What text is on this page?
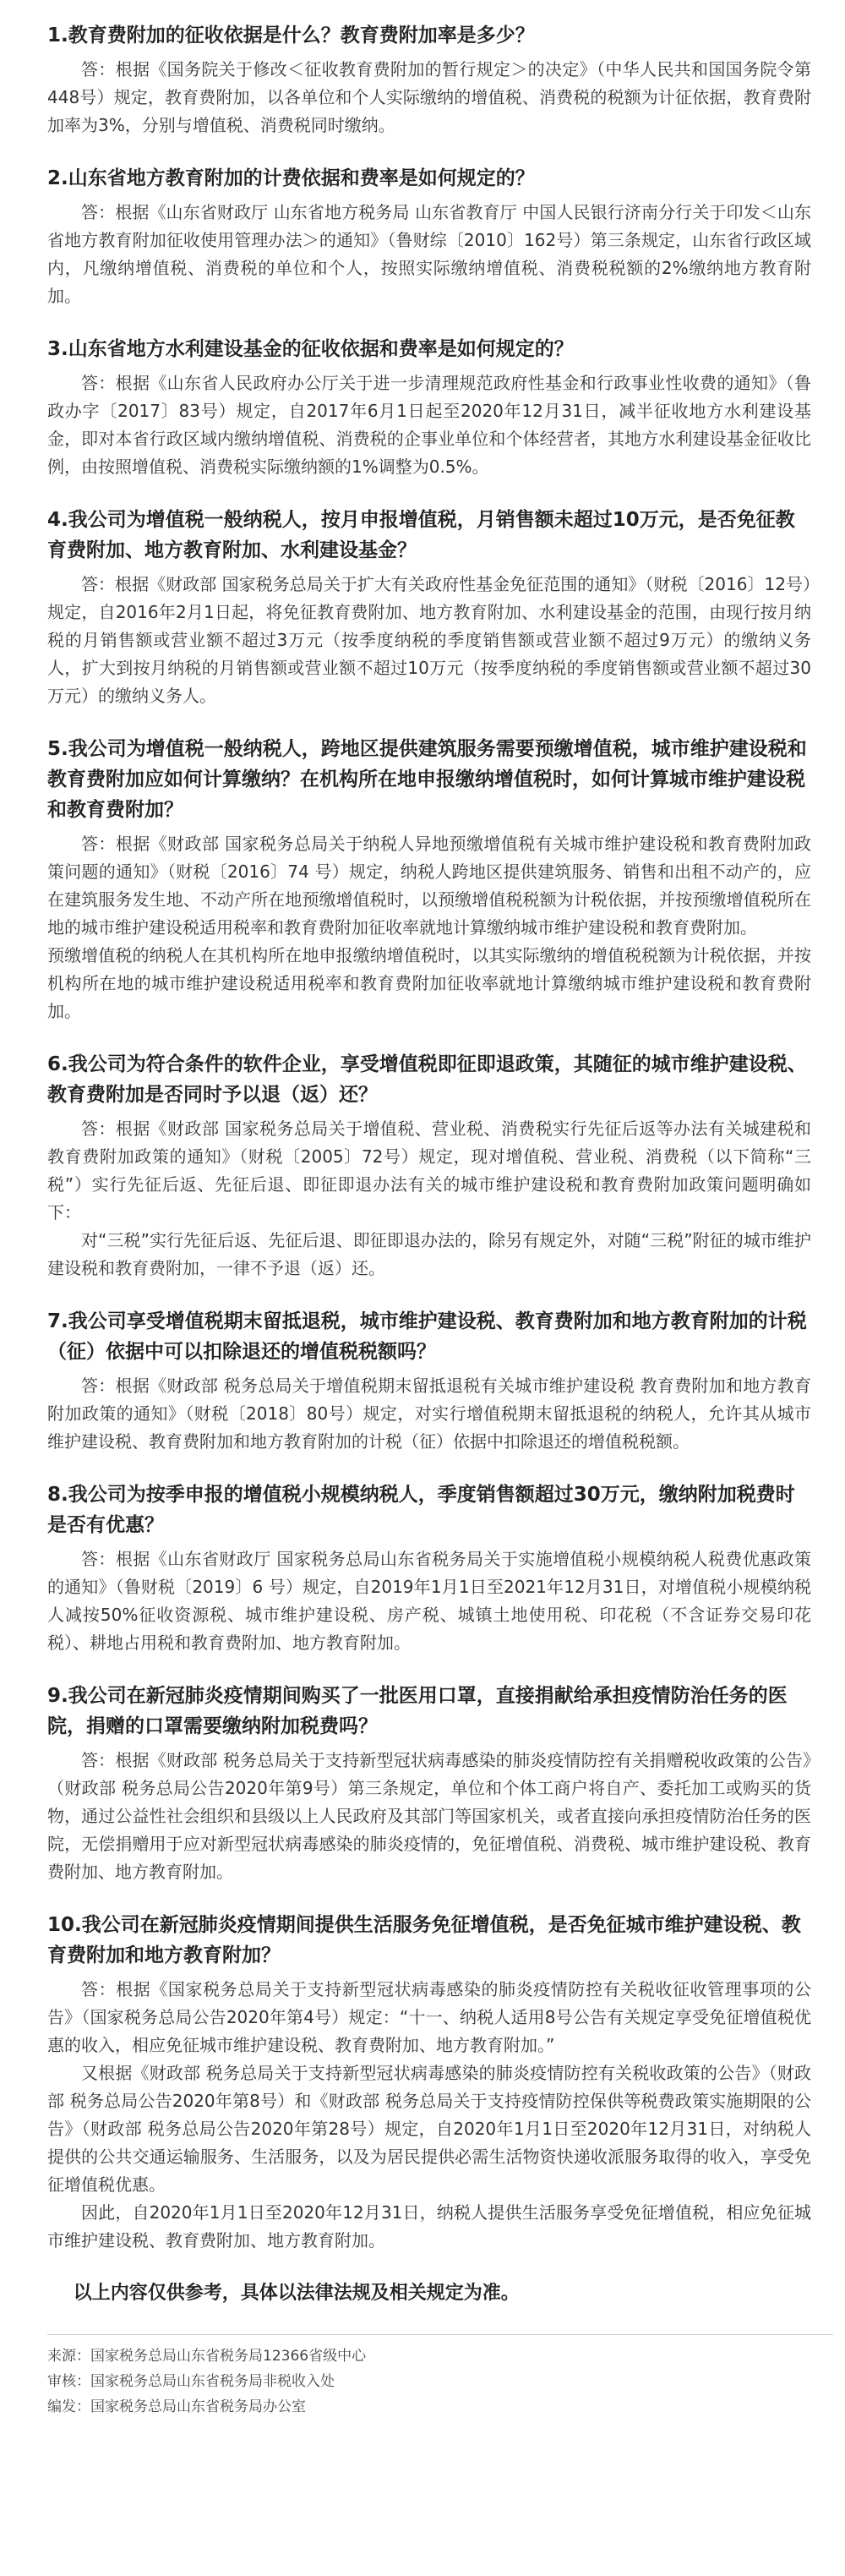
1.教育费附加的征收依据是什么？教育费附加率是多少？

答：根据《国务院关于修改＜征收教育费附加的暂行规定＞的决定》（中华人民共和国国务院令第448号）规定，教育费附加，以各单位和个人实际缴纳的增值税、消费税的税额为计征依据，教育费附加率为3%，分别与增值税、消费税同时缴纳。

2.山东省地方教育附加的计费依据和费率是如何规定的？

答：根据《山东省财政厅 山东省地方税务局 山东省教育厅 中国人民银行济南分行关于印发＜山东省地方教育附加征收使用管理办法＞的通知》（鲁财综〔2010〕162号）第三条规定，山东省行政区域内，凡缴纳增值税、消费税的单位和个人，按照实际缴纳增值税、消费税税额的2%缴纳地方教育附加。

3.山东省地方水利建设基金的征收依据和费率是如何规定的？

答：根据《山东省人民政府办公厅关于进一步清理规范政府性基金和行政事业性收费的通知》（鲁政办字〔2017〕83号）规定，自2017年6月1日起至2020年12月31日，减半征收地方水利建设基金，即对本省行政区域内缴纳增值税、消费税的企事业单位和个体经营者，其地方水利建设基金征收比例，由按照增值税、消费税实际缴纳额的1%调整为0.5%。

4.我公司为增值税一般纳税人，按月申报增值税，月销售额未超过10万元，是否免征教育费附加、地方教育附加、水利建设基金？

答：根据《财政部 国家税务总局关于扩大有关政府性基金免征范围的通知》（财税〔2016〕12号）规定，自2016年2月1日起，将免征教育费附加、地方教育附加、水利建设基金的范围，由现行按月纳税的月销售额或营业额不超过3万元（按季度纳税的季度销售额或营业额不超过9万元）的缴纳义务人，扩大到按月纳税的月销售额或营业额不超过10万元（按季度纳税的季度销售额或营业额不超过30万元）的缴纳义务人。

5.我公司为增值税一般纳税人，跨地区提供建筑服务需要预缴增值税，城市维护建设税和教育费附加应如何计算缴纳？在机构所在地申报缴纳增值税时，如何计算城市维护建设税和教育费附加？

答：根据《财政部 国家税务总局关于纳税人异地预缴增值税有关城市维护建设税和教育费附加政策问题的通知》（财税〔2016〕74 号）规定，纳税人跨地区提供建筑服务、销售和出租不动产的，应在建筑服务发生地、不动产所在地预缴增值税时，以预缴增值税税额为计税依据，并按预缴增值税所在地的城市维护建设税适用税率和教育费附加征收率就地计算缴纳城市维护建设税和教育费附加。

预缴增值税的纳税人在其机构所在地申报缴纳增值税时，以其实际缴纳的增值税税额为计税依据，并按机构所在地的城市维护建设税适用税率和教育费附加征收率就地计算缴纳城市维护建设税和教育费附加。

6.我公司为符合条件的软件企业，享受增值税即征即退政策，其随征的城市维护建设税、教育费附加是否同时予以退（返）还？

答：根据《财政部 国家税务总局关于增值税、营业税、消费税实行先征后返等办法有关城建税和教育费附加政策的通知》（财税〔2005〕72号）规定，现对增值税、营业税、消费税（以下简称“三税”）实行先征后返、先征后退、即征即退办法有关的城市维护建设税和教育费附加政策问题明确如下：

对“三税”实行先征后返、先征后退、即征即退办法的，除另有规定外，对随“三税”附征的城市维护建设税和教育费附加，一律不予退（返）还。

7.我公司享受增值税期末留抵退税，城市维护建设税、教育费附加和地方教育附加的计税（征）依据中可以扣除退还的增值税税额吗？

答：根据《财政部 税务总局关于增值税期末留抵退税有关城市维护建设税 教育费附加和地方教育附加政策的通知》（财税〔2018〕80号）规定，对实行增值税期末留抵退税的纳税人，允许其从城市维护建设税、教育费附加和地方教育附加的计税（征）依据中扣除退还的增值税税额。

8.我公司为按季申报的增值税小规模纳税人，季度销售额超过30万元，缴纳附加税费时是否有优惠？

答：根据《山东省财政厅 国家税务总局山东省税务局关于实施增值税小规模纳税人税费优惠政策的通知》（鲁财税〔2019〕6 号）规定，自2019年1月1日至2021年12月31日，对增值税小规模纳税人减按50%征收资源税、城市维护建设税、房产税、城镇土地使用税、印花税（不含证券交易印花税）、耕地占用税和教育费附加、地方教育附加。

9.我公司在新冠肺炎疫情期间购买了一批医用口罩，直接捐献给承担疫情防治任务的医院，捐赠的口罩需要缴纳附加税费吗？

答：根据《财政部 税务总局关于支持新型冠状病毒感染的肺炎疫情防控有关捐赠税收政策的公告》（财政部 税务总局公告2020年第9号）第三条规定，单位和个体工商户将自产、委托加工或购买的货物，通过公益性社会组织和县级以上人民政府及其部门等国家机关，或者直接向承担疫情防治任务的医院，无偿捐赠用于应对新型冠状病毒感染的肺炎疫情的，免征增值税、消费税、城市维护建设税、教育费附加、地方教育附加。

10.我公司在新冠肺炎疫情期间提供生活服务免征增值税，是否免征城市维护建设税、教育费附加和地方教育附加？

答：根据《国家税务总局关于支持新型冠状病毒感染的肺炎疫情防控有关税收征收管理事项的公告》（国家税务总局公告2020年第4号）规定：“十一、纳税人适用8号公告有关规定享受免征增值税优惠的收入，相应免征城市维护建设税、教育费附加、地方教育附加。”

又根据《财政部 税务总局关于支持新型冠状病毒感染的肺炎疫情防控有关税收政策的公告》（财政部 税务总局公告2020年第8号）和《财政部 税务总局关于支持疫情防控保供等税费政策实施期限的公告》（财政部 税务总局公告2020年第28号）规定，自2020年1月1日至2020年12月31日，对纳税人提供的公共交通运输服务、生活服务，以及为居民提供必需生活物资快递收派服务取得的收入，享受免征增值税优惠。

因此，自2020年1月1日至2020年12月31日，纳税人提供生活服务享受免征增值税，相应免征城市维护建设税、教育费附加、地方教育附加。

以上内容仅供参考，具体以法律法规及相关规定为准。
来源：国家税务总局山东省税务局12366省级中心
审核：国家税务总局山东省税务局非税收入处
编发：国家税务总局山东省税务局办公室
